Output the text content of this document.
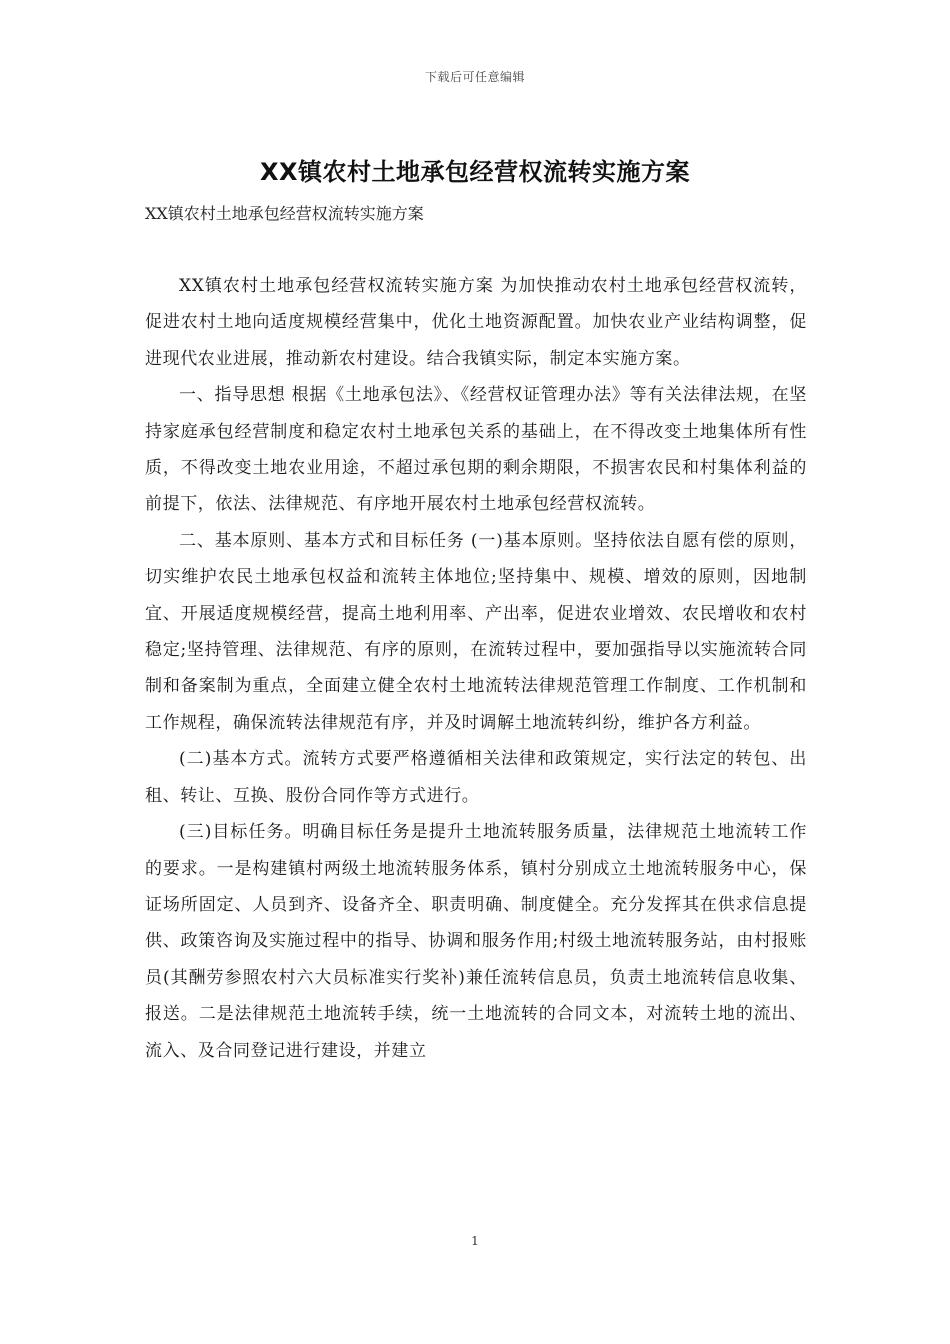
下载后可任意编辑
XX镇农村土地承包经营权流转实施方案
XX镇农村土地承包经营权流转实施方案

XX镇农村土地承包经营权流转实施方案 为加快推动农村土地承包经营权流转，促进农村土地向适度规模经营集中，优化土地资源配置。加快农业产业结构调整，促进现代农业进展，推动新农村建设。结合我镇实际，制定本实施方案。

一、指导思想 根据《土地承包法》、《经营权证管理办法》等有关法律法规，在坚持家庭承包经营制度和稳定农村土地承包关系的基础上，在不得改变土地集体所有性质，不得改变土地农业用途，不超过承包期的剩余期限，不损害农民和村集体利益的前提下，依法、法律规范、有序地开展农村土地承包经营权流转。

二、基本原则、基本方式和目标任务 (一)基本原则。坚持依法自愿有偿的原则，切实维护农民土地承包权益和流转主体地位;坚持集中、规模、增效的原则，因地制宜、开展适度规模经营，提高土地利用率、产出率，促进农业增效、农民增收和农村稳定;坚持管理、法律规范、有序的原则，在流转过程中，要加强指导以实施流转合同制和备案制为重点，全面建立健全农村土地流转法律规范管理工作制度、工作机制和工作规程，确保流转法律规范有序，并及时调解土地流转纠纷，维护各方利益。

(二)基本方式。流转方式要严格遵循相关法律和政策规定，实行法定的转包、出租、转让、互换、股份合同作等方式进行。

(三)目标任务。明确目标任务是提升土地流转服务质量，法律规范土地流转工作的要求。一是构建镇村两级土地流转服务体系，镇村分别成立土地流转服务中心，保证场所固定、人员到齐、设备齐全、职责明确、制度健全。充分发挥其在供求信息提供、政策咨询及实施过程中的指导、协调和服务作用;村级土地流转服务站，由村报账员(其酬劳参照农村六大员标准实行奖补)兼任流转信息员，负责土地流转信息收集、报送。二是法律规范土地流转手续，统一土地流转的合同文本，对流转土地的流出、流入、及合同登记进行建设，并建立

1
